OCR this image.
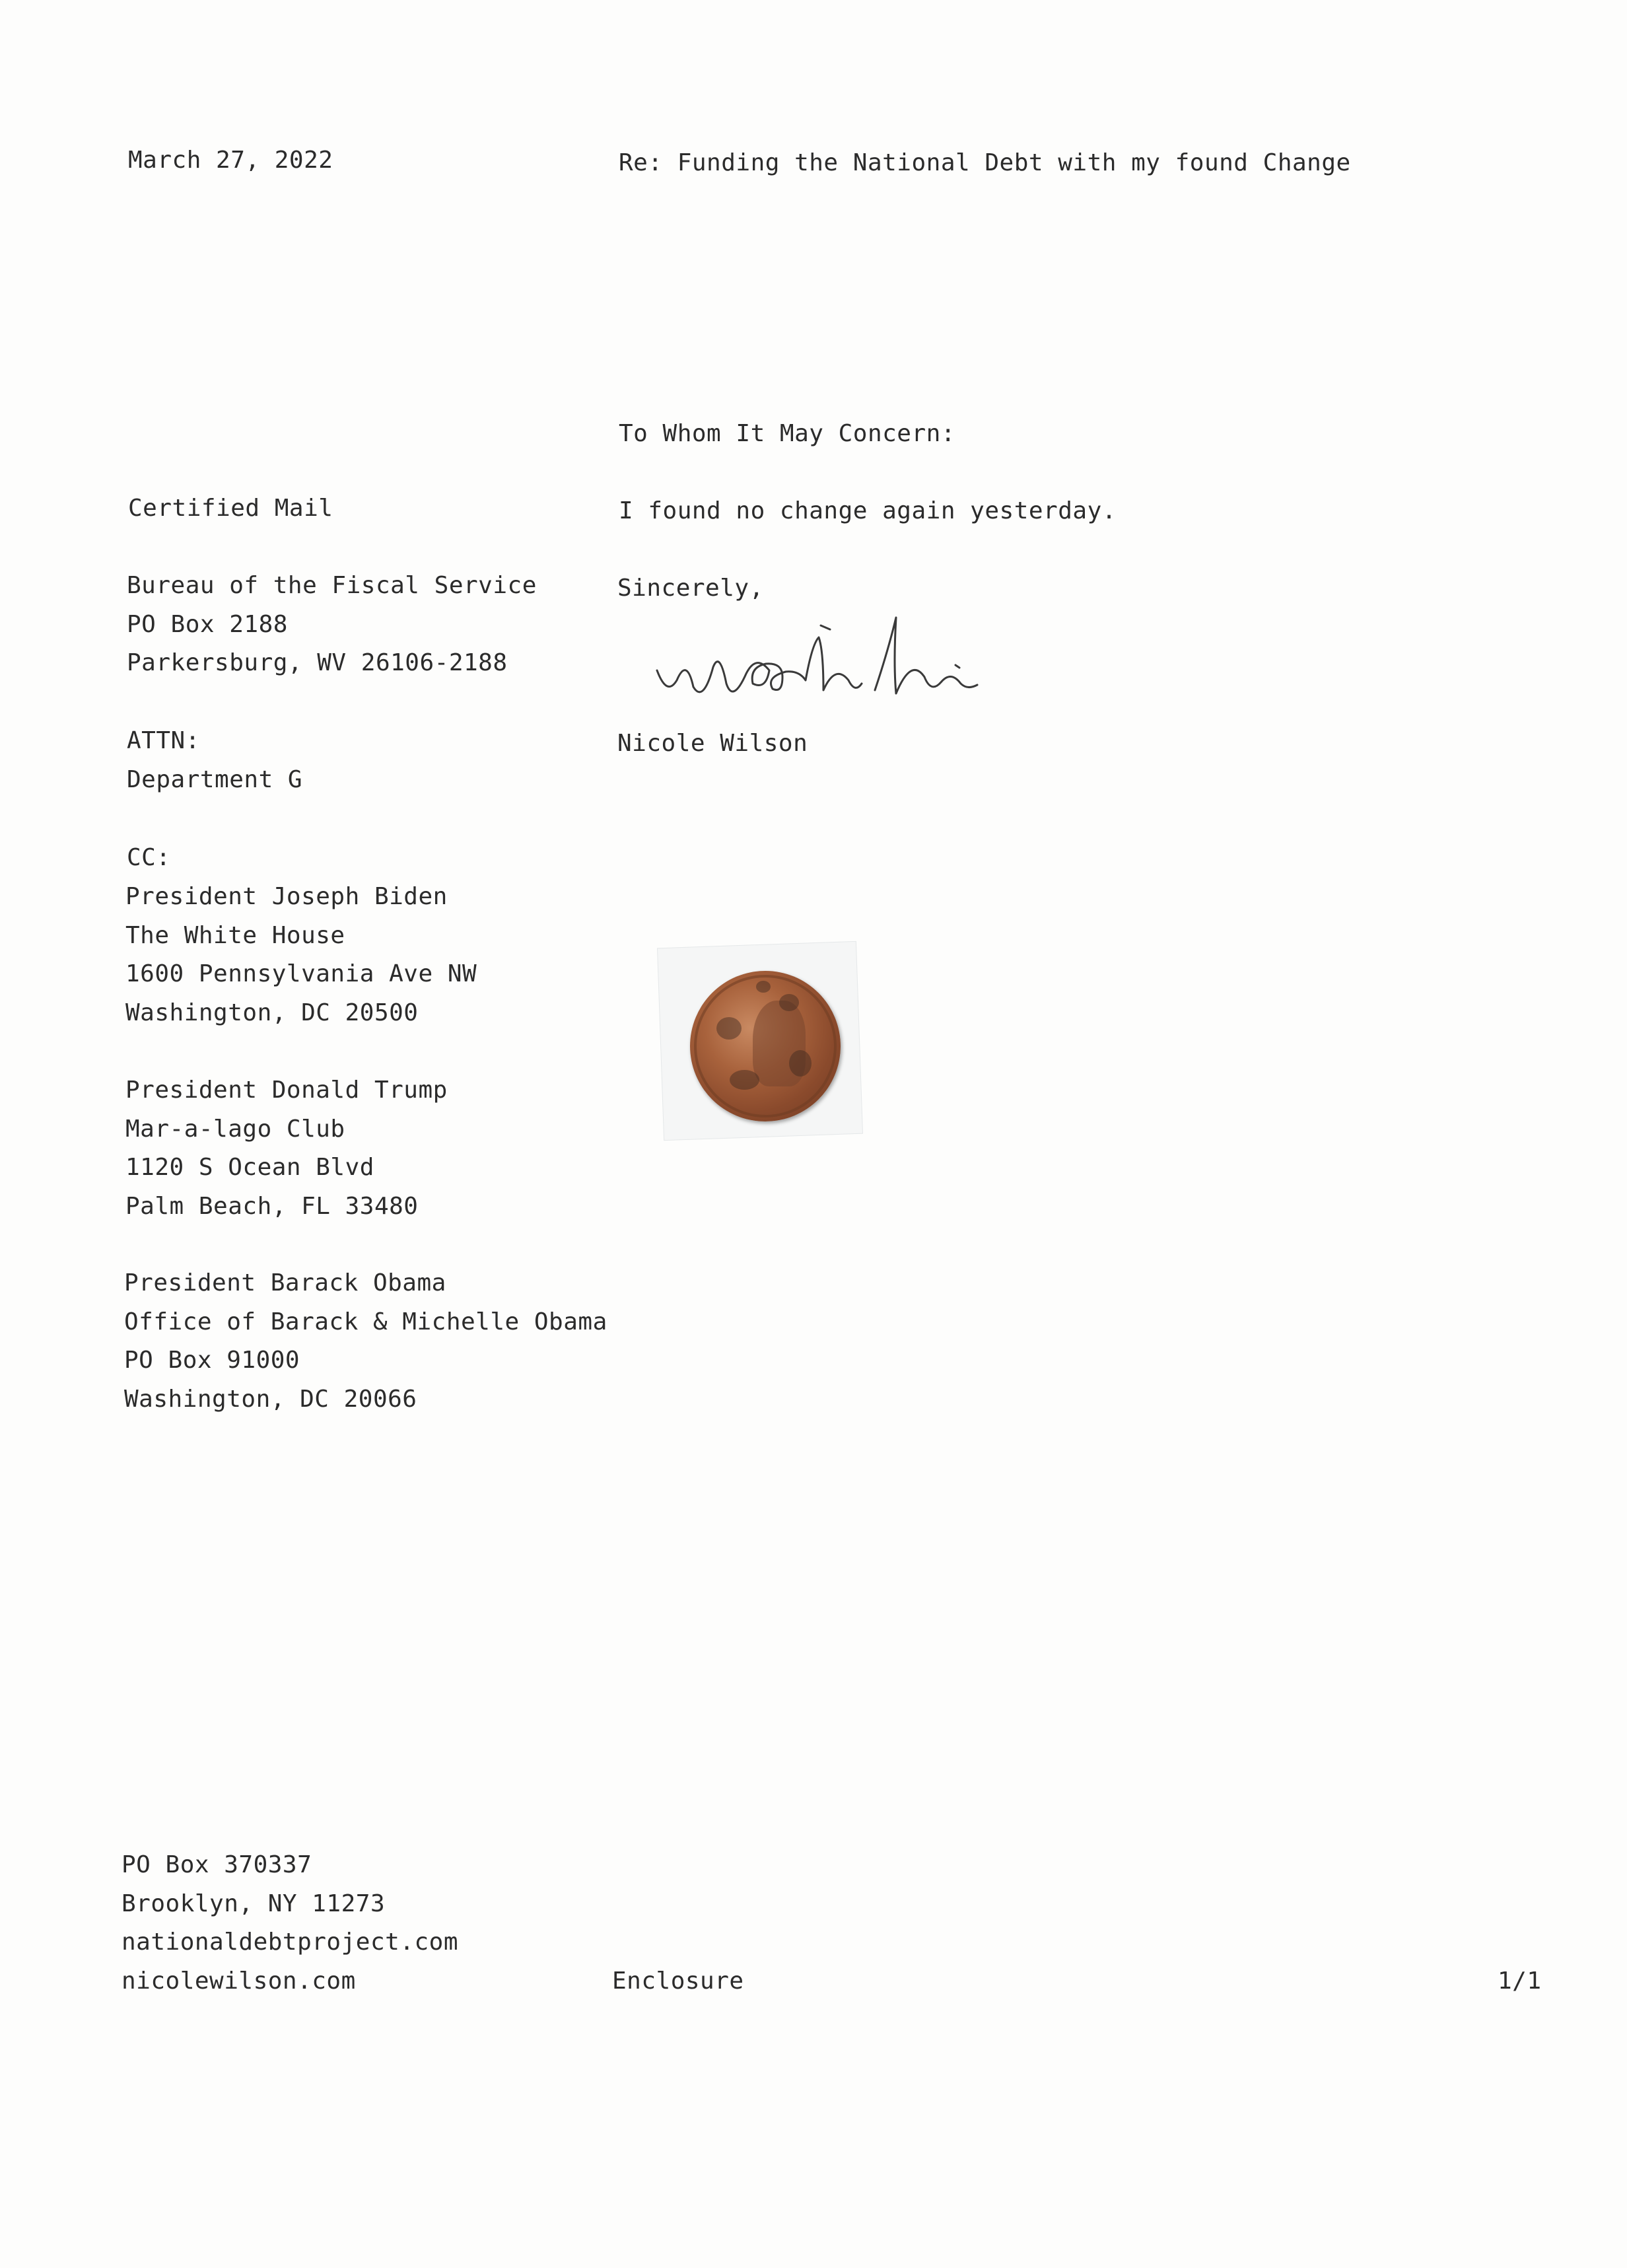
March 27, 2022	Re: Funding the National Debt with my found Change
To Whom It May Concern:
I found no change again yesterday.
Sincerely,
Nicole Wilson
Certified Mail
Bureau of the Fiscal Service
PO Box 2188
Parkersburg, WV 26106-2188
ATTN:
Department G
CC:
President Joseph Biden
The White House
1600 Pennsylvania Ave NW
Washington, DC 20500
President Donald Trump
Mar-a-lago Club
1120 S Ocean Blvd
Palm Beach, FL 33480
President Barack Obama
Office of Barack & Michelle Obama
PO Box 91000
Washington, DC 20066
PO Box 370337
Brooklyn, NY 11273
nationaldebtproject.com
nicolewilson.com	Enclosure	1/1
